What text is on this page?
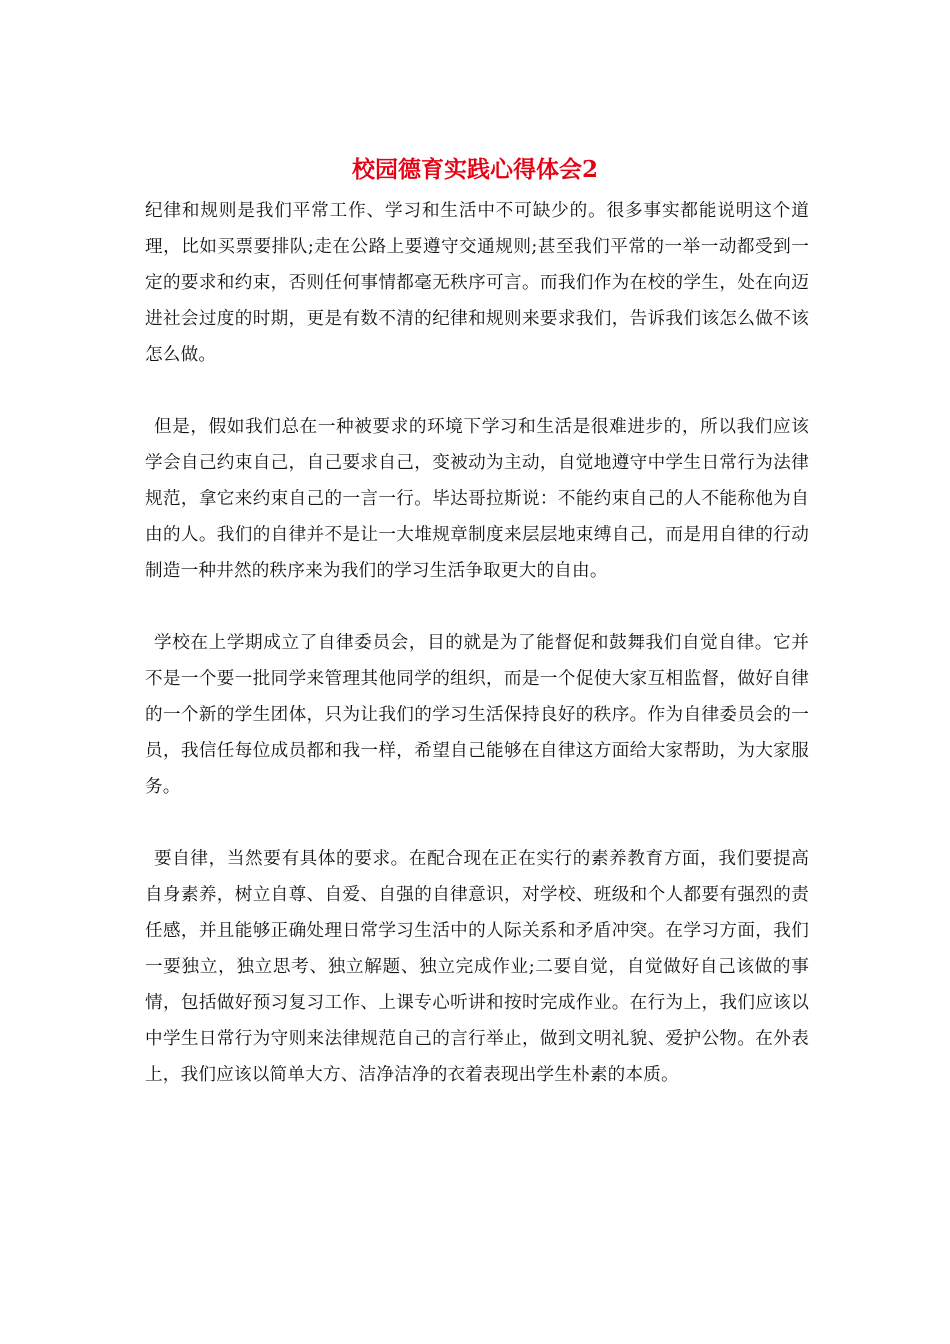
校园德育实践心得体会2

纪律和规则是我们平常工作、学习和生活中不可缺少的。很多事实都能说明这个道理，比如买票要排队;走在公路上要遵守交通规则;甚至我们平常的一举一动都受到一定的要求和约束，否则任何事情都毫无秩序可言。而我们作为在校的学生，处在向迈进社会过度的时期，更是有数不清的纪律和规则来要求我们，告诉我们该怎么做不该怎么做。

但是，假如我们总在一种被要求的环境下学习和生活是很难进步的，所以我们应该学会自己约束自己，自己要求自己，变被动为主动，自觉地遵守中学生日常行为法律规范，拿它来约束自己的一言一行。毕达哥拉斯说：不能约束自己的人不能称他为自由的人。我们的自律并不是让一大堆规章制度来层层地束缚自己，而是用自律的行动制造一种井然的秩序来为我们的学习生活争取更大的自由。

学校在上学期成立了自律委员会，目的就是为了能督促和鼓舞我们自觉自律。它并不是一个要一批同学来管理其他同学的组织，而是一个促使大家互相监督，做好自律的一个新的学生团体，只为让我们的学习生活保持良好的秩序。作为自律委员会的一员，我信任每位成员都和我一样，希望自己能够在自律这方面给大家帮助，为大家服务。

要自律，当然要有具体的要求。在配合现在正在实行的素养教育方面，我们要提高自身素养，树立自尊、自爱、自强的自律意识，对学校、班级和个人都要有强烈的责任感，并且能够正确处理日常学习生活中的人际关系和矛盾冲突。在学习方面，我们一要独立，独立思考、独立解题、独立完成作业;二要自觉，自觉做好自己该做的事情，包括做好预习复习工作、上课专心听讲和按时完成作业。在行为上，我们应该以中学生日常行为守则来法律规范自己的言行举止，做到文明礼貌、爱护公物。在外表上，我们应该以简单大方、洁净洁净的衣着表现出学生朴素的本质。
